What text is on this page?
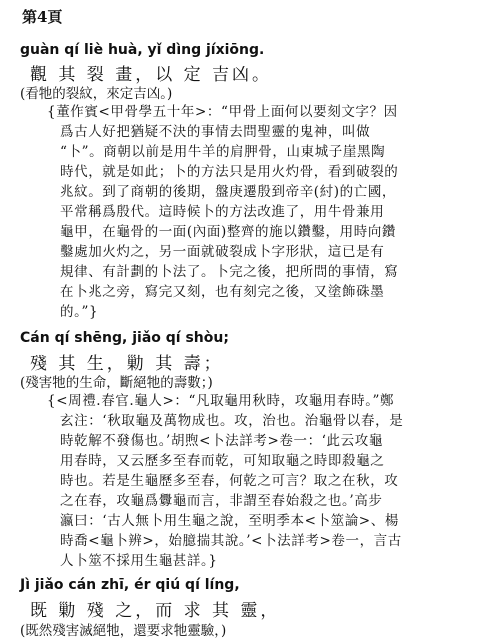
第4頁
guàn qí liè huà, yǐ dìng jíxiōng.
觀 其 裂 畫，以 定 吉凶。
(看牠的裂紋，來定吉凶。)
{董作賓<甲骨學五十年>：“甲骨上面何以要刻文字？因
爲古人好把猶疑不決的事情去問聖靈的鬼神，叫做
“卜”。商朝以前是用牛羊的肩胛骨，山東城子崖黑陶
時代，就是如此；卜的方法只是用火灼骨，看到破裂的
兆紋。到了商朝的後期，盤庚遷殷到帝辛(紂)的亡國，
平常稱爲殷代。這時候卜的方法改進了，用牛骨兼用
龜甲，在龜骨的一面(內面)整齊的施以鑽鑿，用時向鑽
鑿處加火灼之，另一面就破裂成卜字形狀，這已是有
規律、有計劃的卜法了。卜完之後，把所問的事情，寫
在卜兆之旁，寫完又刻，也有刻完之後，又塗飾硃墨
的。”}
Cán qí shēng, jiǎo qí shòu;
殘 其 生，勦 其 壽；
(殘害牠的生命，斷絕牠的壽數；)
{<周禮.春官.龜人>：“凡取龜用秋時，攻龜用春時。”鄭
玄注：‘秋取龜及萬物成也。攻，治也。治龜骨以春，是
時乾解不發傷也。’胡煦<卜法詳考>卷一：‘此云攻龜
用春時，又云歷多至春而乾，可知取龜之時即殺龜之
時也。若是生龜歷多至春，何乾之可言？取之在秋，攻
之在春，攻龜爲釁龜而言，非謂至春始殺之也。’高步
瀛曰：‘古人無卜用生龜之說，至明季本<卜筮論>、楊
時喬<龜卜辨>，始臆揣其說。’<卜法詳考>卷一，言古
人卜筮不採用生龜甚詳。}
Jì jiǎo cán zhī, ér qiú qí líng,
既 勦 殘 之，而 求 其 靈，
(既然殘害滅絕牠，還要求牠靈驗，)
